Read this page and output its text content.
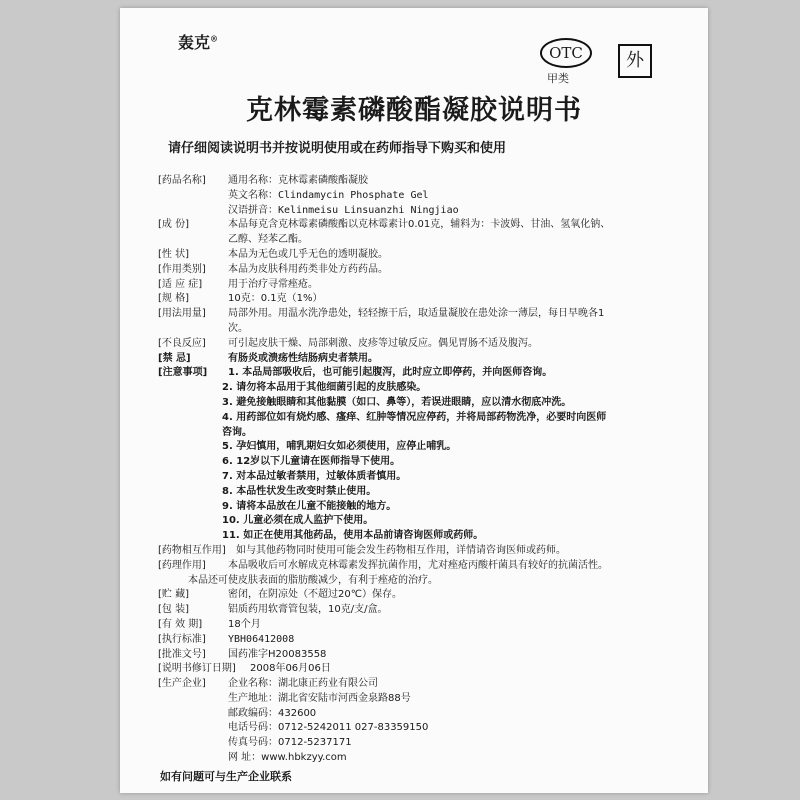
轰克®
OTC
甲类
外
克林霉素磷酸酯凝胶说明书
请仔细阅读说明书并按说明使用或在药师指导下购买和使用
[药品名称]	通用名称：克林霉素磷酸酯凝胶
英文名称：Clindamycin Phosphate Gel
汉语拼音：Kelinmeisu Linsuanzhi Ningjiao
[成 份]	本品每克含克林霉素磷酸酯以克林霉素计0.01克，辅料为：卡波姆、甘油、氢氧化钠、
乙醇、羟苯乙酯。
[性 状]	本品为无色或几乎无色的透明凝胶。
[作用类别]	本品为皮肤科用药类非处方药药品。
[适 应 症]	用于治疗寻常痤疮。
[规 格]	10克：0.1克（1%）
[用法用量]	局部外用。用温水洗净患处，轻轻擦干后，取适量凝胶在患处涂一薄层，每日早晚各1
次。
[不良反应]	可引起皮肤干燥、局部刺激、皮疹等过敏反应。偶见胃肠不适及腹泻。
[禁 忌]	有肠炎或溃疡性结肠病史者禁用。
[注意事项]	1. 本品局部吸收后，也可能引起腹泻，此时应立即停药，并向医师咨询。
2. 请勿将本品用于其他细菌引起的皮肤感染。
3. 避免接触眼睛和其他黏膜（如口、鼻等），若误进眼睛，应以清水彻底冲洗。
4. 用药部位如有烧灼感、瘙痒、红肿等情况应停药，并将局部药物洗净，必要时向医师
咨询。
5. 孕妇慎用，哺乳期妇女如必须使用，应停止哺乳。
6. 12岁以下儿童请在医师指导下使用。
7. 对本品过敏者禁用，过敏体质者慎用。
8. 本品性状发生改变时禁止使用。
9. 请将本品放在儿童不能接触的地方。
10. 儿童必须在成人监护下使用。
11. 如正在使用其他药品，使用本品前请咨询医师或药师。
[药物相互作用]	如与其他药物同时使用可能会发生药物相互作用，详情请咨询医师或药师。
[药理作用]	本品吸收后可水解成克林霉素发挥抗菌作用，尤对痤疮丙酸杆菌具有较好的抗菌活性。
本品还可使皮肤表面的脂肪酸减少，有利于痤疮的治疗。
[贮 藏]	密闭，在阴凉处（不超过20℃）保存。
[包 装]	铝质药用软膏管包装，10克/支/盒。
[有 效 期]	18个月
[执行标准]	YBH06412008
[批准文号]	国药准字H20083558
[说明书修订日期]	2008年06月06日
[生产企业]	企业名称：湖北康正药业有限公司
生产地址：湖北省安陆市河西金泉路88号
邮政编码：432600
电话号码：0712-5242011 027-83359150
传真号码：0712-5237171
网 址：www.hbkzyy.com
如有问题可与生产企业联系
